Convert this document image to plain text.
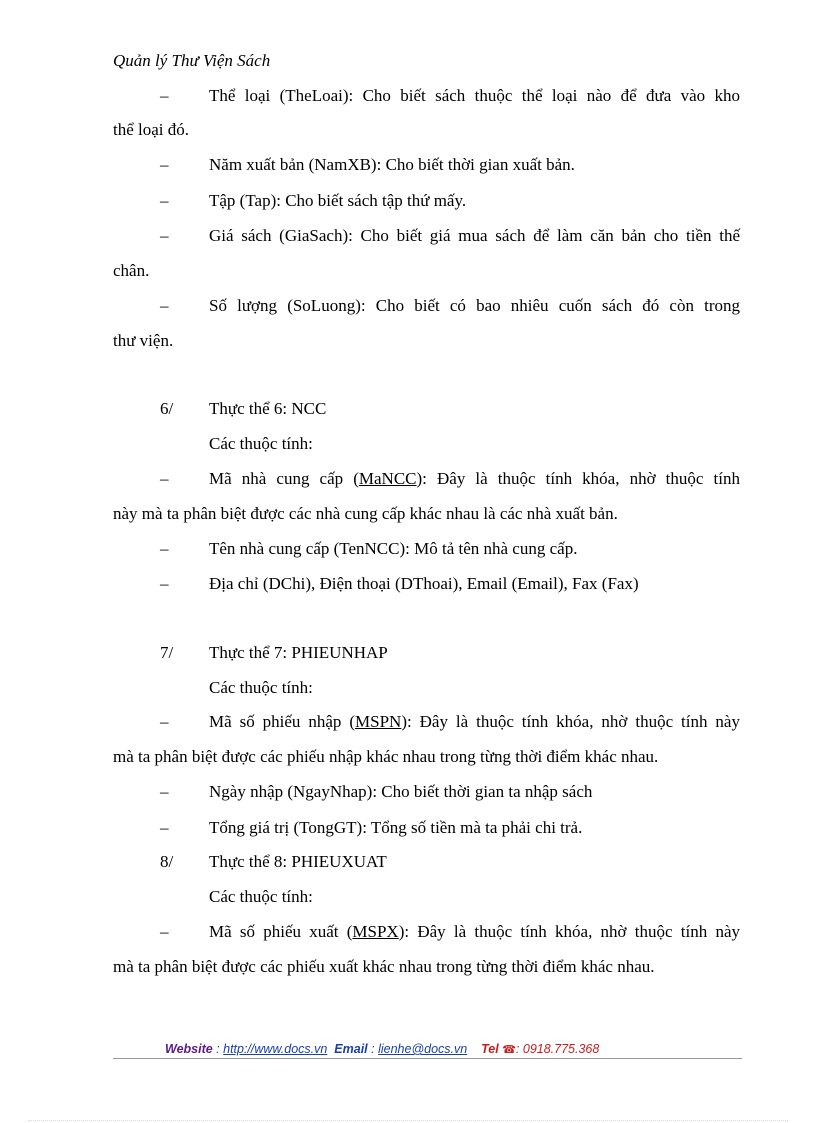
Quản lý Thư Viện Sách
– Thể loại (TheLoai): Cho biết sách thuộc thể loại nào để đưa vào kho
thể loại đó.
– Năm xuất bản (NamXB): Cho biết thời gian xuất bản.
– Tập (Tap): Cho biết sách tập thứ mấy.
– Giá sách (GiaSach): Cho biết giá mua sách để làm căn bản cho tiền thế
chân.
– Số lượng (SoLuong): Cho biết có bao nhiêu cuốn sách đó còn trong
thư viện.
6/ Thực thể 6: NCC
Các thuộc tính:
– Mã nhà cung cấp (MaNCC): Đây là thuộc tính khóa, nhờ thuộc tính
này mà ta phân biệt được các nhà cung cấp khác nhau là các nhà xuất bản.
– Tên nhà cung cấp (TenNCC): Mô tả tên nhà cung cấp.
– Địa chỉ (DChi), Điện thoại (DThoai), Email (Email), Fax (Fax)
7/ Thực thể 7: PHIEUNHAP
Các thuộc tính:
– Mã số phiếu nhập (MSPN): Đây là thuộc tính khóa, nhờ thuộc tính này
mà ta phân biệt được các phiếu nhập khác nhau trong từng thời điểm khác nhau.
– Ngày nhập (NgayNhap): Cho biết thời gian ta nhập sách
– Tổng giá trị (TongGT): Tổng số tiền mà ta phải chi trả.
8/ Thực thể 8: PHIEUXUAT
Các thuộc tính:
– Mã số phiếu xuất (MSPX): Đây là thuộc tính khóa, nhờ thuộc tính này
mà ta phân biệt được các phiếu xuất khác nhau trong từng thời điểm khác nhau.
Website : http://www.docs.vn Email : lienhe@docs.vn Tel ☎: 0918.775.368
